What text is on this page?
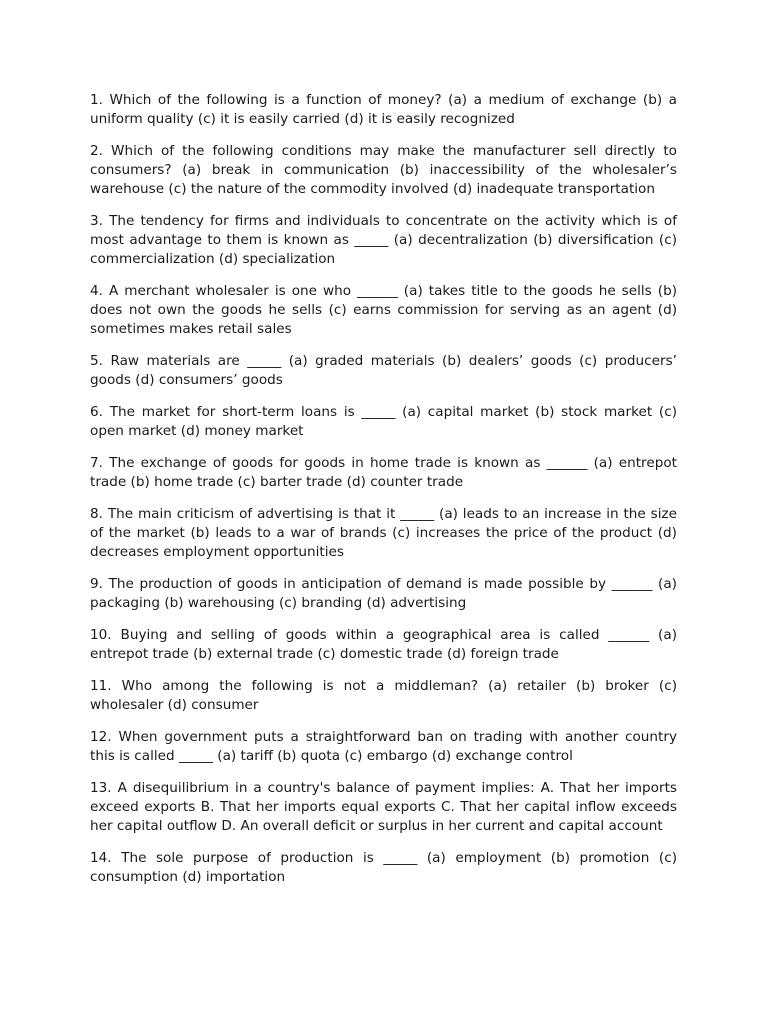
1. Which of the following is a function of money? (a) a medium of exchange (b) a uniform quality (c) it is easily carried (d) it is easily recognized

2. Which of the following conditions may make the manufacturer sell directly to consumers? (a) break in communication (b) inaccessibility of the wholesaler’s warehouse (c) the nature of the commodity involved (d) inadequate transportation

3. The tendency for firms and individuals to concentrate on the activity which is of most advantage to them is known as _____ (a) decentralization (b) diversification (c) commercialization (d) specialization

4. A merchant wholesaler is one who ______ (a) takes title to the goods he sells (b) does not own the goods he sells (c) earns commission for serving as an agent (d) sometimes makes retail sales

5. Raw materials are _____ (a) graded materials (b) dealers’ goods (c) producers’ goods (d) consumers’ goods

6. The market for short-term loans is _____ (a) capital market (b) stock market (c) open market (d) money market

7. The exchange of goods for goods in home trade is known as ______ (a) entrepot trade (b) home trade (c) barter trade (d) counter trade

8. The main criticism of advertising is that it _____ (a) leads to an increase in the size of the market (b) leads to a war of brands (c) increases the price of the product (d) decreases employment opportunities

9. The production of goods in anticipation of demand is made possible by ______ (a) packaging (b) warehousing (c) branding (d) advertising

10. Buying and selling of goods within a geographical area is called ______ (a) entrepot trade (b) external trade (c) domestic trade (d) foreign trade

11. Who among the following is not a middleman? (a) retailer (b) broker (c) wholesaler (d) consumer

12. When government puts a straightforward ban on trading with another country this is called _____ (a) tariff (b) quota (c) embargo (d) exchange control

13. A disequilibrium in a country's balance of payment implies: A. That her imports exceed exports B. That her imports equal exports C. That her capital inflow exceeds her capital outflow D. An overall deficit or surplus in her current and capital account

14. The sole purpose of production is _____ (a) employment (b) promotion (c) consumption (d) importation
